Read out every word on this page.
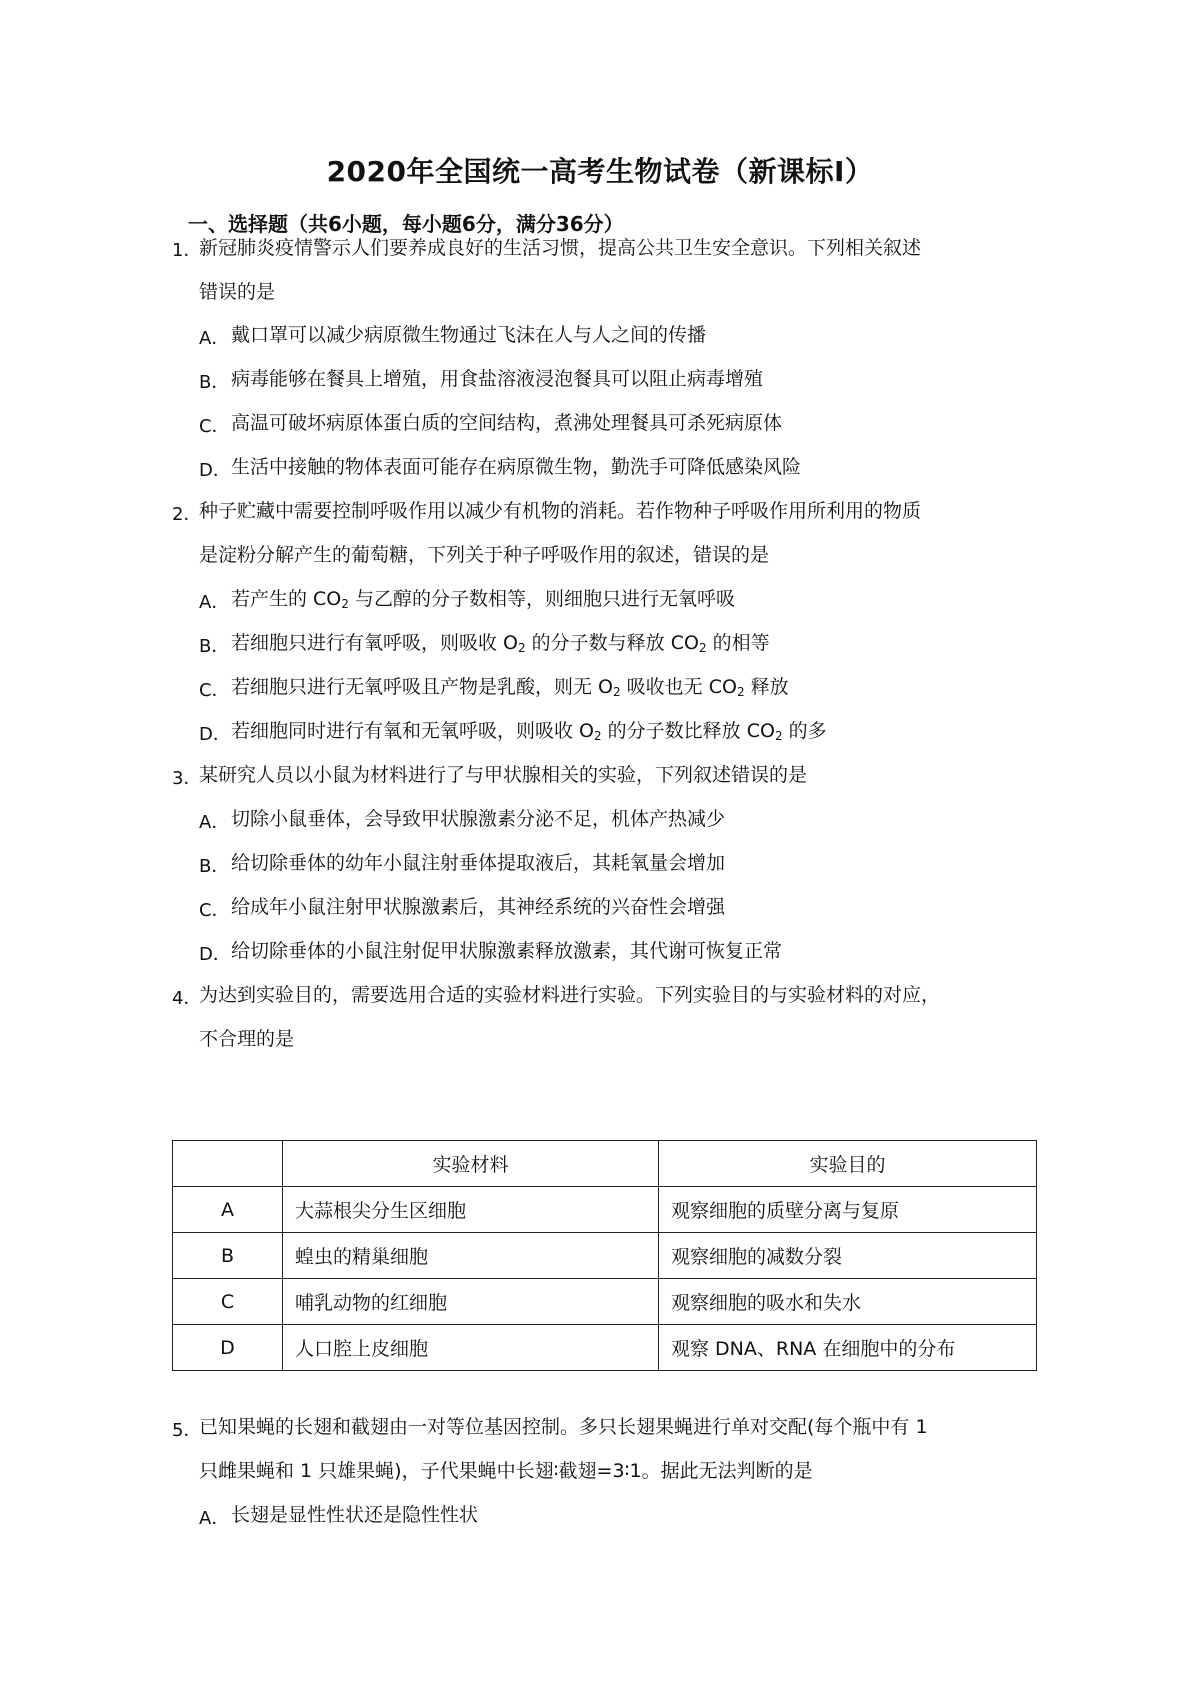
2020年全国统一高考生物试卷（新课标Ⅰ）
一、选择题（共6小题，每小题6分，满分36分）
1．
新冠肺炎疫情警示人们要养成良好的生活习惯，提高公共卫生安全意识。下列相关叙述
错误的是
A． 戴口罩可以减少病原微生物通过飞沫在人与人之间的传播
B． 病毒能够在餐具上增殖，用食盐溶液浸泡餐具可以阻止病毒增殖
C． 高温可破坏病原体蛋白质的空间结构，煮沸处理餐具可杀死病原体
D． 生活中接触的物体表面可能存在病原微生物，勤洗手可降低感染风险
2．
种子贮藏中需要控制呼吸作用以减少有机物的消耗。若作物种子呼吸作用所利用的物质
是淀粉分解产生的葡萄糖，下列关于种子呼吸作用的叙述，错误的是
A． 若产生的 $CO_2$ 与乙醇的分子数相等，则细胞只进行无氧呼吸
B． 若细胞只进行有氧呼吸，则吸收 $O_2$ 的分子数与释放 $CO_2$ 的相等
C． 若细胞只进行无氧呼吸且产物是乳酸，则无 $O_2$ 吸收也无 $CO_2$ 释放
D． 若细胞同时进行有氧和无氧呼吸，则吸收 $O_2$ 的分子数比释放 $CO_2$ 的多
3．
某研究人员以小鼠为材料进行了与甲状腺相关的实验，下列叙述错误的是
A． 切除小鼠垂体，会导致甲状腺激素分泌不足，机体产热减少
B． 给切除垂体的幼年小鼠注射垂体提取液后，其耗氧量会增加
C． 给成年小鼠注射甲状腺激素后，其神经系统的兴奋性会增强
D． 给切除垂体的小鼠注射促甲状腺激素释放激素，其代谢可恢复正常
4．
为达到实验目的，需要选用合适的实验材料进行实验。下列实验目的与实验材料的对应，
不合理的是
	实验材料	实验目的
A	大蒜根尖分生区细胞	观察细胞的质壁分离与复原
B	蝗虫的精巢细胞	观察细胞的减数分裂
C	哺乳动物的红细胞	观察细胞的吸水和失水
D	人口腔上皮细胞	观察 DNA、RNA 在细胞中的分布
5．
已知果蝇的长翅和截翅由一对等位基因控制。多只长翅果蝇进行单对交配(每个瓶中有 1
只雌果蝇和 1 只雄果蝇)，子代果蝇中长翅∶截翅=3∶1。据此无法判断的是
A． 长翅是显性性状还是隐性性状
